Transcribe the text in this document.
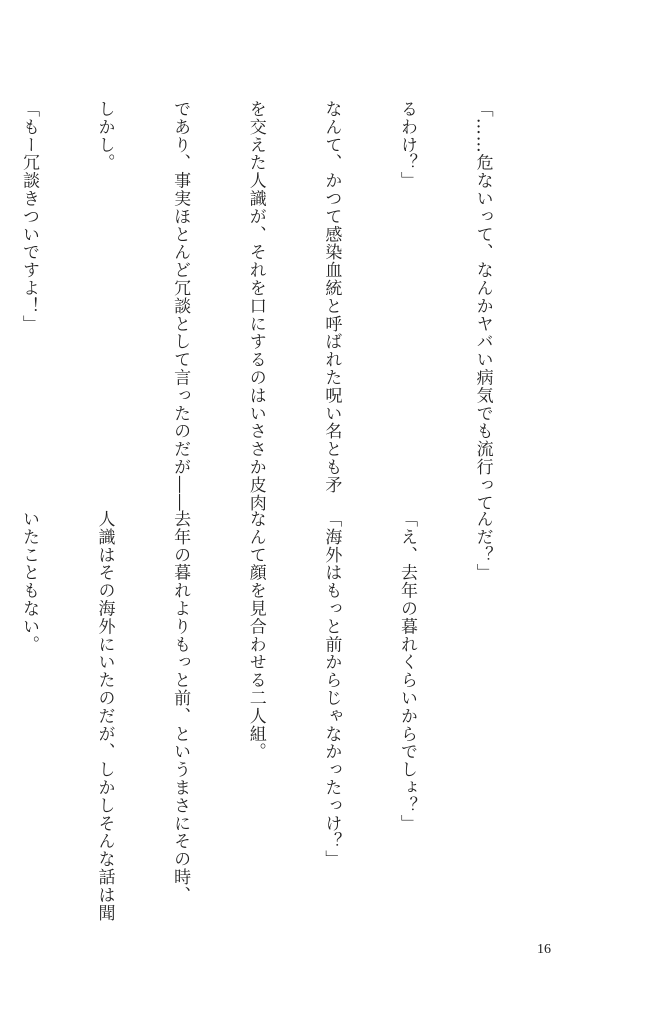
「……危ないって、なんかヤバい病気でも流行って

るわけ？」

なんて、かつて感染血統と呼ばれた呪い名とも矛

を交えた人識が、それを口にするのはいささか皮肉

であり、事実ほとんど冗談として言ったのだが――

しかし。

「もー冗談きついですよ！」

んだ？」

「え、去年の暮れくらいからでしょ？」

「海外はもっと前からじゃなかったっけ？」

なんて顔を見合わせる二人組。

去年の暮れよりもっと前、というまさにその時、

人識はその海外にいたのだが、しかしそんな話は聞

いたこともない。

16
